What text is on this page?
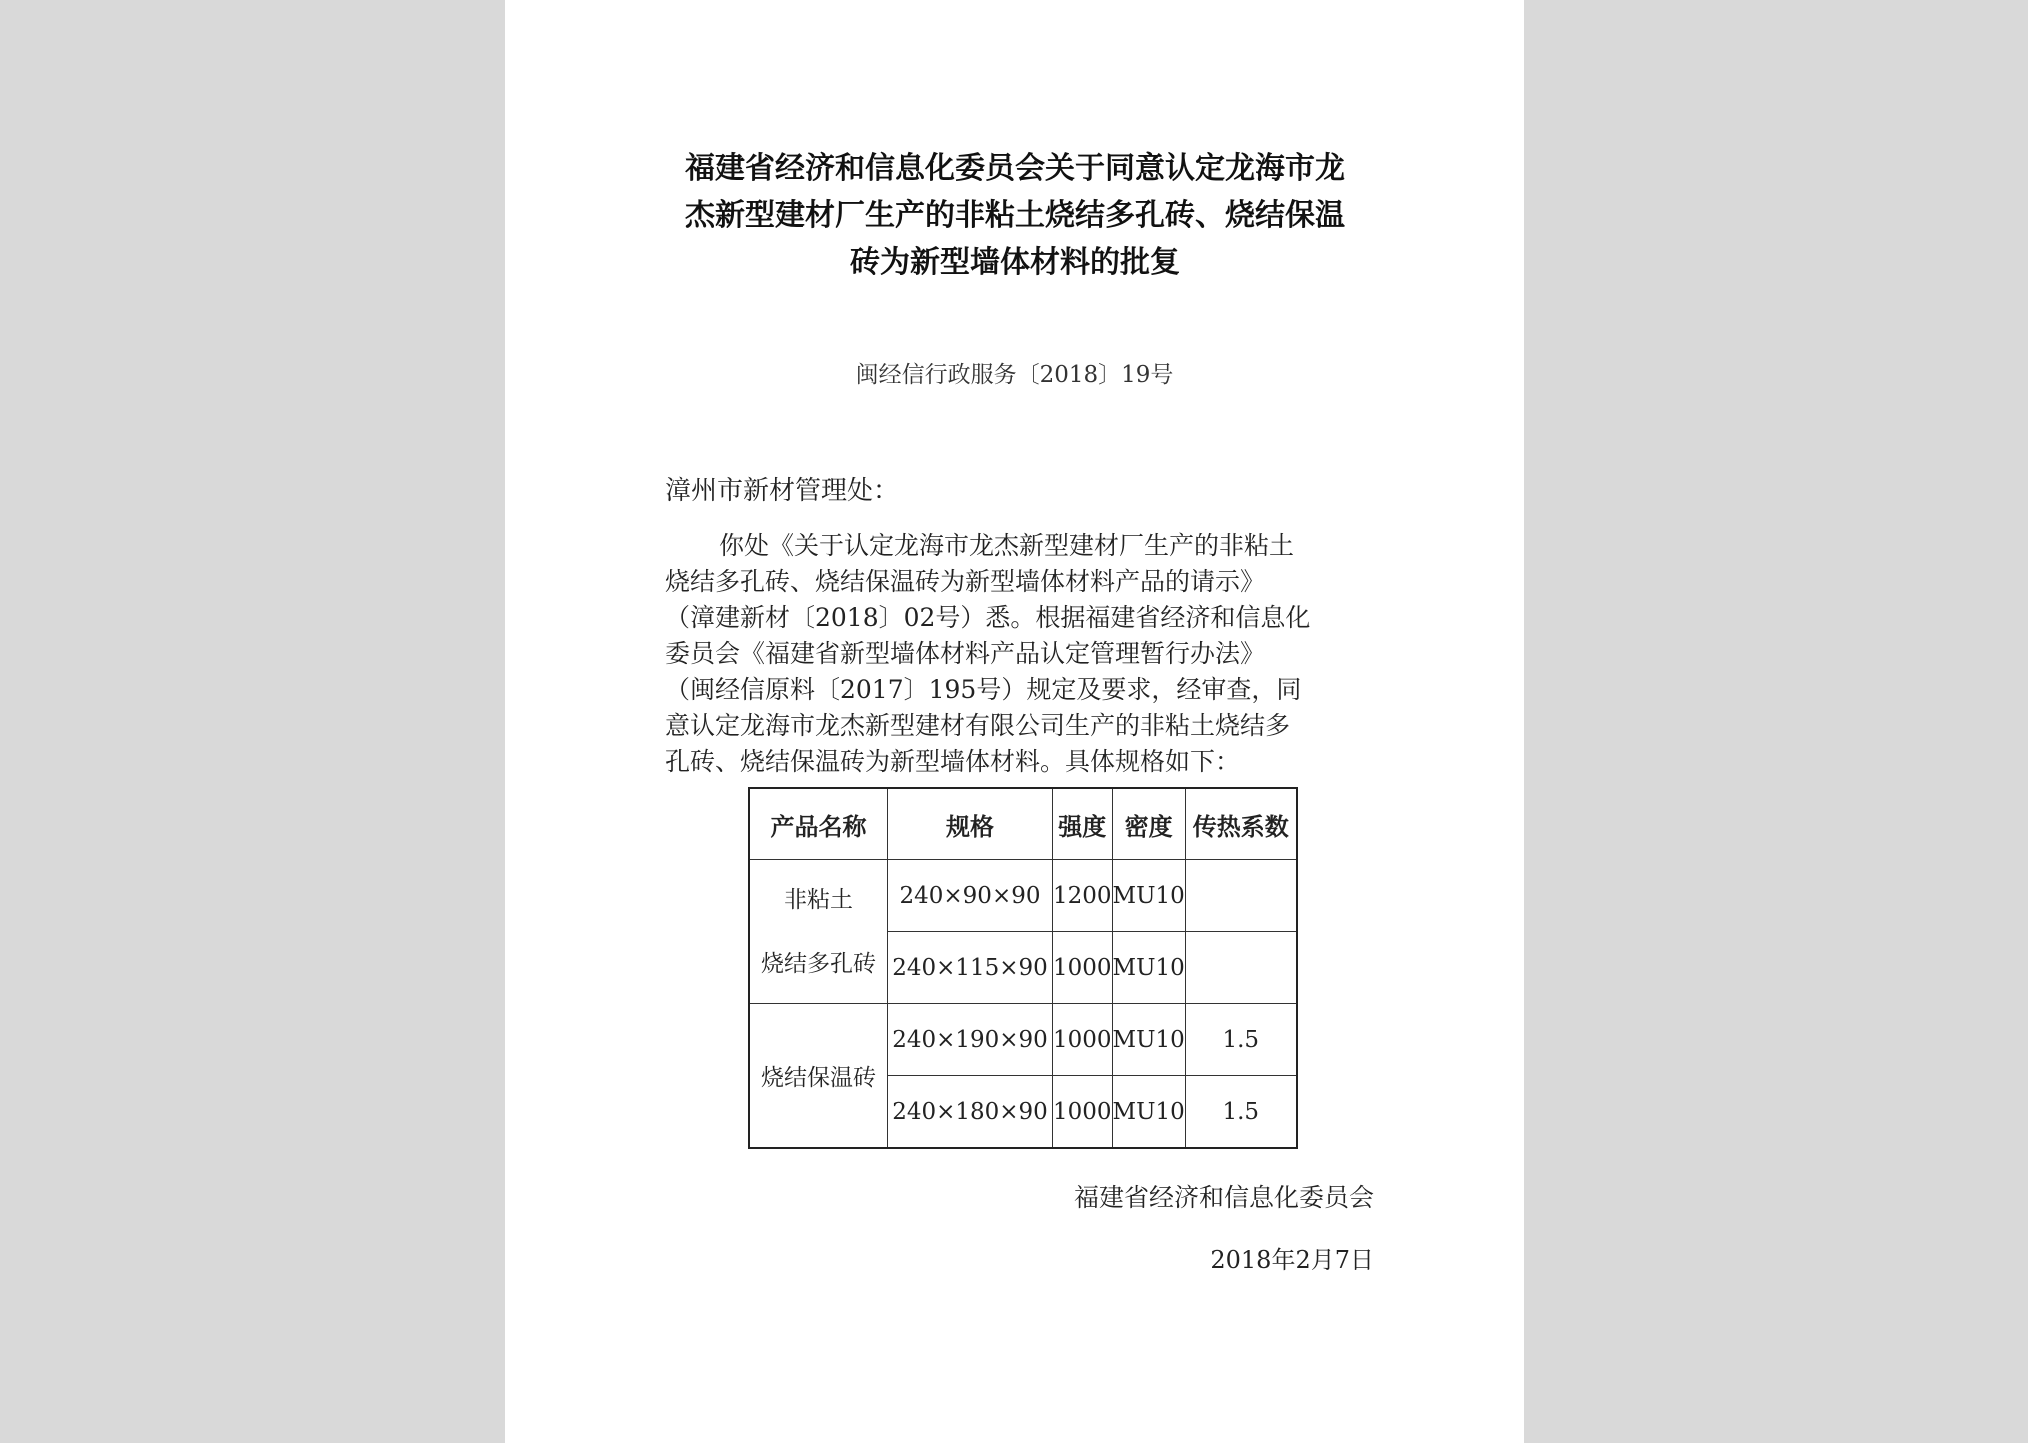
福建省经济和信息化委员会关于同意认定龙海市龙
杰新型建材厂生产的非粘土烧结多孔砖、烧结保温
砖为新型墙体材料的批复
闽经信行政服务〔2018〕19号
漳州市新材管理处：
你处《关于认定龙海市龙杰新型建材厂生产的非粘土
烧结多孔砖、烧结保温砖为新型墙体材料产品的请示》
（漳建新材〔2018〕02号）悉。根据福建省经济和信息化
委员会《福建省新型墙体材料产品认定管理暂行办法》
（闽经信原料〔2017〕195号）规定及要求，经审查，同
意认定龙海市龙杰新型建材有限公司生产的非粘土烧结多
孔砖、烧结保温砖为新型墙体材料。具体规格如下：
产品名称	规格	强度	密度	传热系数

非粘土
烧结多孔砖	240×90×90	1200	MU10	
	240×115×90	1000	MU10	

烧结保温砖	240×190×90	1000	MU10	1.5
	240×180×90	1000	MU10	1.5
福建省经济和信息化委员会
2018年2月7日
